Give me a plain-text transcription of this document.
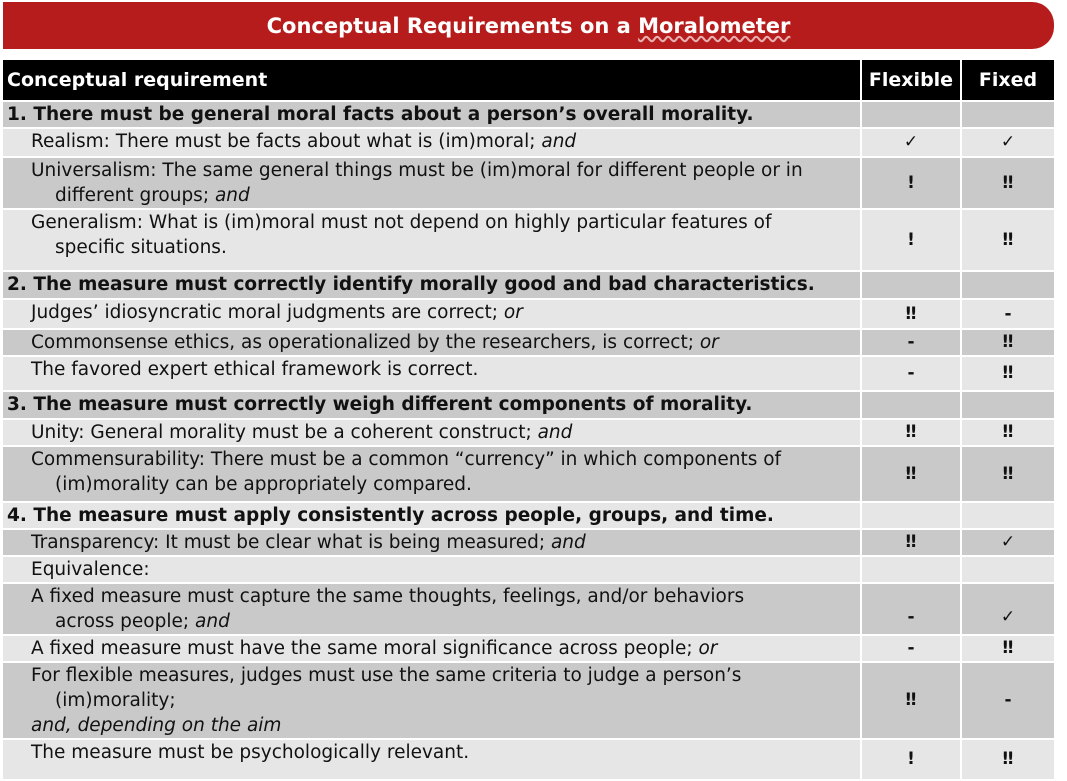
Conceptual Requirements on a Moralometer
Conceptual requirement	Flexible	Fixed
1. There must be general moral facts about a person’s overall morality.		
Realism: There must be facts about what is (im)moral; and	✓	✓
Universalism: The same general things must be (im)moral for different people or in
different groups; and	!	‼
Generalism: What is (im)moral must not depend on highly particular features of
specific situations.	!	‼
2. The measure must correctly identify morally good and bad characteristics.		
Judges’ idiosyncratic moral judgments are correct; or	‼	-
Commonsense ethics, as operationalized by the researchers, is correct; or	-	‼
The favored expert ethical framework is correct.	-	‼
3. The measure must correctly weigh different components of morality.		
Unity: General morality must be a coherent construct; and	‼	‼
Commensurability: There must be a common “currency” in which components of
(im)morality can be appropriately compared.	‼	‼
4. The measure must apply consistently across people, groups, and time.		
Transparency: It must be clear what is being measured; and	‼	✓
Equivalence:		
A fixed measure must capture the same thoughts, feelings, and/or behaviors
across people; and	-	✓
A fixed measure must have the same moral significance across people; or	-	‼
For flexible measures, judges must use the same criteria to judge a person’s
(im)morality;
and, depending on the aim	‼	-
The measure must be psychologically relevant.	!	‼
